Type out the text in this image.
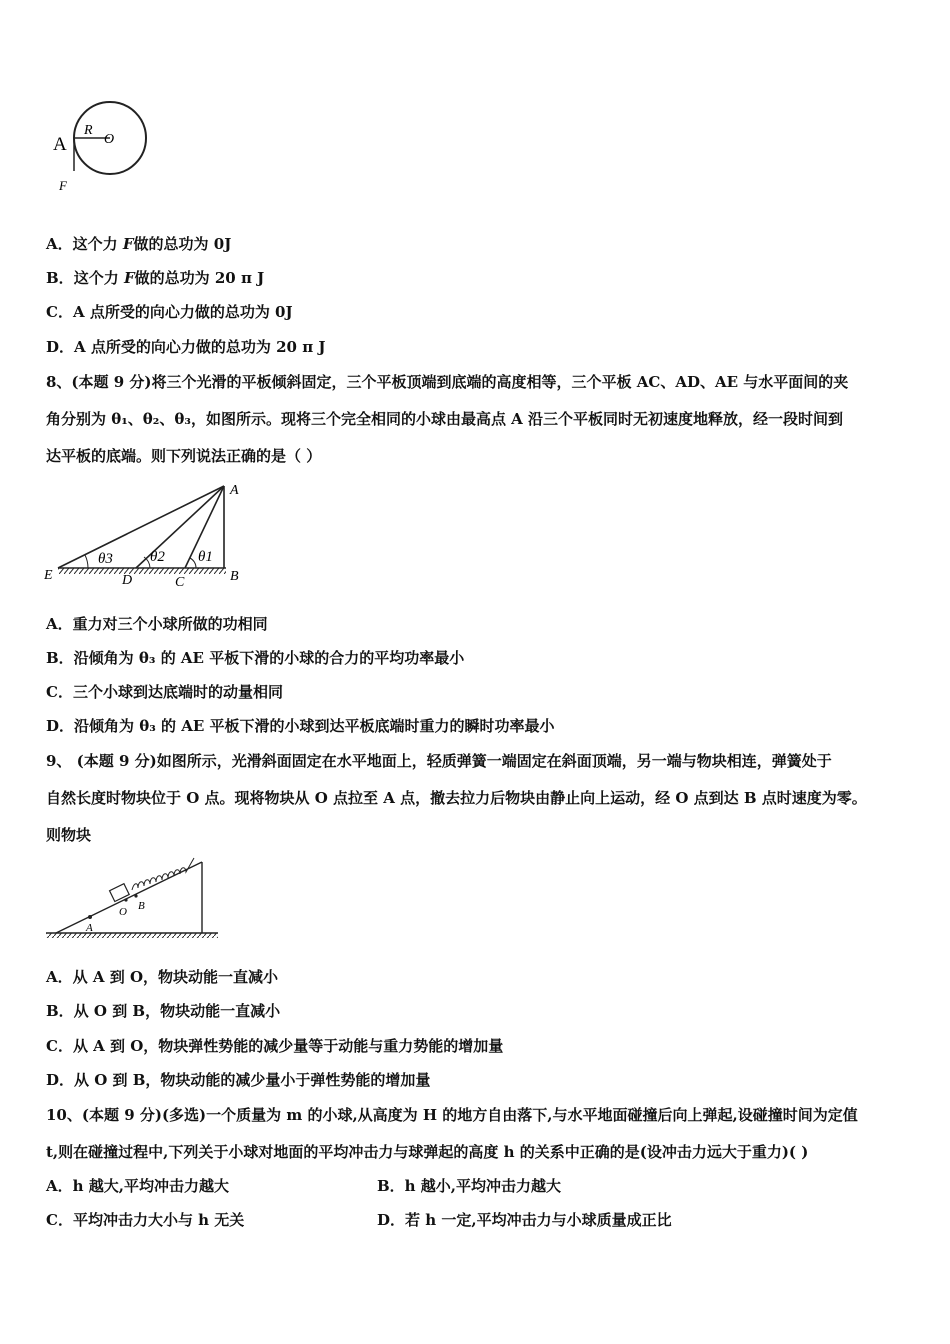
A
R
O
F
A．这个力 F做的总功为 0J
B．这个力 F做的总功为 20 π J
C．A 点所受的向心力做的总功为 0J
D．A 点所受的向心力做的总功为 20 π J
8、(本题 9 分)将三个光滑的平板倾斜固定，三个平板顶端到底端的高度相等，三个平板 AC、AD、AE 与水平面间的夹
角分别为 θ₁、θ₂、θ₃，如图所示。现将三个完全相同的小球由最高点 A 沿三个平板同时无初速度地释放，经一段时间到
达平板的底端。则下列说法正确的是（ ）
A
B
C
D
E
θ3 θ2 θ1
A．重力对三个小球所做的功相同
B．沿倾角为 θ₃ 的 AE 平板下滑的小球的合力的平均功率最小
C．三个小球到达底端时的动量相同
D．沿倾角为 θ₃ 的 AE 平板下滑的小球到达平板底端时重力的瞬时功率最小
9、 (本题 9 分)如图所示，光滑斜面固定在水平地面上，轻质弹簧一端固定在斜面顶端，另一端与物块相连，弹簧处于
自然长度时物块位于 O 点。现将物块从 O 点拉至 A 点，撤去拉力后物块由静止向上运动，经 O 点到达 B 点时速度为零。
则物块
A
O B
A．从 A 到 O，物块动能一直减小
B．从 O 到 B，物块动能一直减小
C．从 A 到 O，物块弹性势能的减少量等于动能与重力势能的增加量
D．从 O 到 B，物块动能的减少量小于弹性势能的增加量
10、(本题 9 分)(多选)一个质量为 m 的小球,从高度为 H 的地方自由落下,与水平地面碰撞后向上弹起,设碰撞时间为定值
t,则在碰撞过程中,下列关于小球对地面的平均冲击力与球弹起的高度 h 的关系中正确的是(设冲击力远大于重力)( )
A．h 越大,平均冲击力越大	B．h 越小,平均冲击力越大
C．平均冲击力大小与 h 无关	D．若 h 一定,平均冲击力与小球质量成正比
